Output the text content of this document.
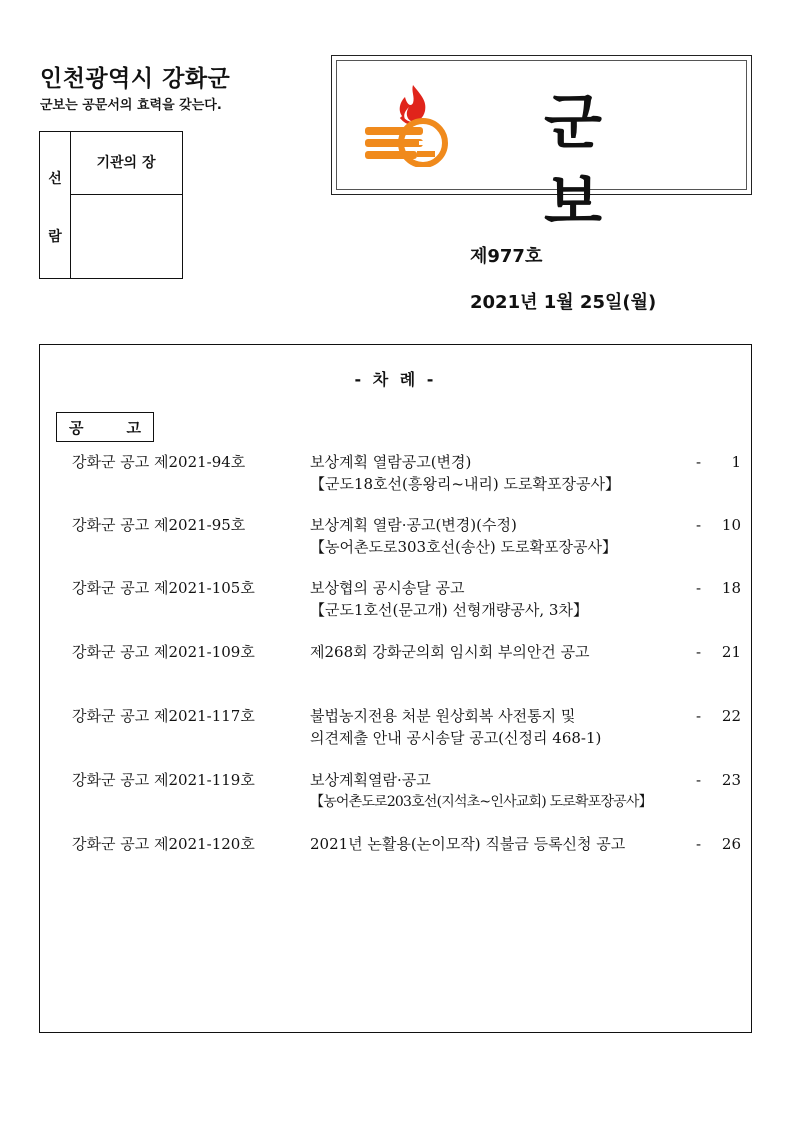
인천광역시 강화군
군보는 공문서의 효력을 갖는다.
선
람
기관의 장
군 보
제977호
2021년 1월 25일(월)
- 차 례 -
공	고
강화군 공고 제2021-94호	보상계획 열람공고(변경)
【군도18호선(흥왕리~내리) 도로확포장공사】
- 1
강화군 공고 제2021-95호	보상계획 열람·공고(변경)(수정)
【농어촌도로303호선(송산) 도로확포장공사】
- 10
강화군 공고 제2021-105호	보상협의 공시송달 공고
【군도1호선(문고개) 선형개량공사, 3차】
- 18
강화군 공고 제2021-109호	제268회 강화군의회 임시회 부의안건 공고	- 21
강화군 공고 제2021-117호	불법농지전용 처분 원상회복 사전통지 및
의견제출 안내 공시송달 공고(신정리 468-1)
- 22
강화군 공고 제2021-119호	보상계획열람·공고
【농어촌도로203호선(지석초~인사교회) 도로확포장공사】
- 23
강화군 공고 제2021-120호	2021년 논활용(논이모작) 직불금 등록신청 공고	- 26
